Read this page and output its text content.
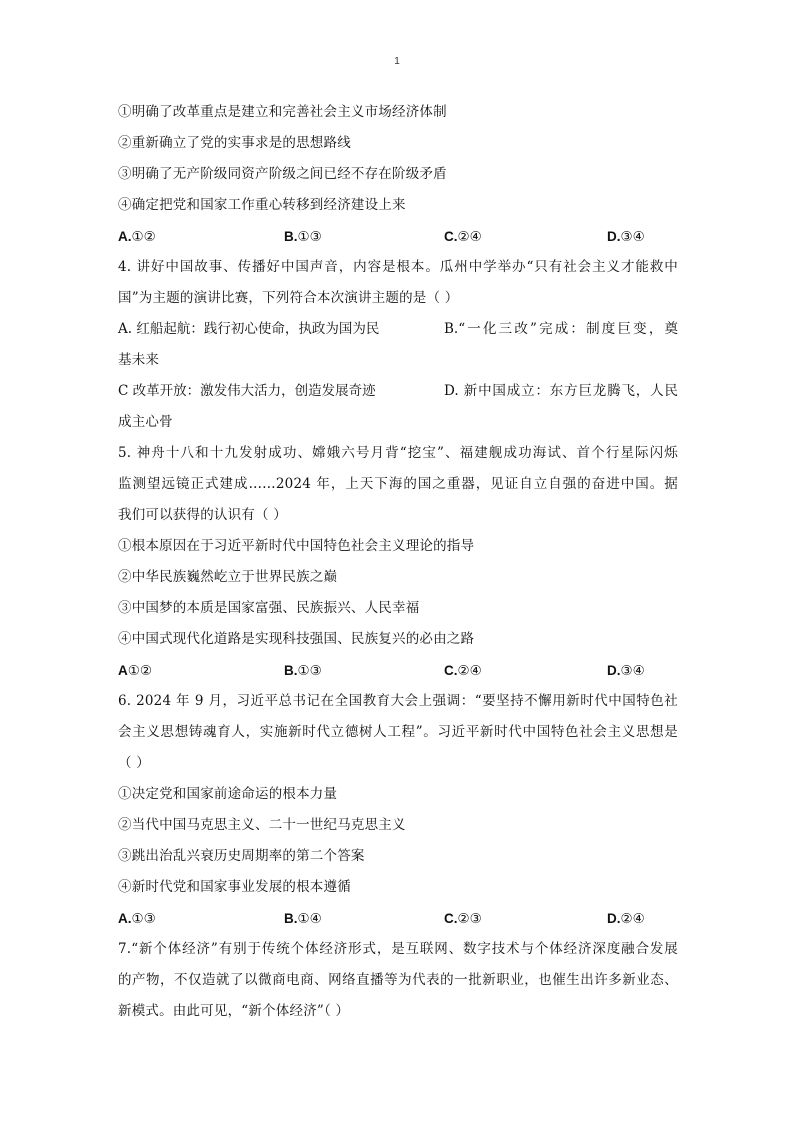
1
①明确了改革重点是建立和完善社会主义市场经济体制
②重新确立了党的实事求是的思想路线
③明确了无产阶级同资产阶级之间已经不存在阶级矛盾
④确定把党和国家工作重心转移到经济建设上来
A.①②	B.①③	C.②④	D.③④
4. 讲好中国故事、传播好中国声音，内容是根本。瓜州中学举办“只有社会主义才能救中
国”为主题的演讲比赛，下列符合本次演讲主题的是（ ）
A. 红船起航：践行初心使命，执政为国为民	B.“一化三改”完成：制度巨变，奠
基未来
C 改革开放：激发伟大活力，创造发展奇迹	D. 新中国成立：东方巨龙腾飞，人民
成主心骨
5. 神舟十八和十九发射成功、嫦娥六号月背“挖宝”、福建舰成功海试、首个行星际闪烁
监测望远镜正式建成……2024 年，上天下海的国之重器，见证自立自强的奋进中国。据
我们可以获得的认识有（ ）
①根本原因在于习近平新时代中国特色社会主义理论的指导
②中华民族巍然屹立于世界民族之巅
③中国梦的本质是国家富强、民族振兴、人民幸福
④中国式现代化道路是实现科技强国、民族复兴的必由之路
A①②	B.①③	C.②④	D.③④
6. 2024 年 9 月，习近平总书记在全国教育大会上强调：“要坚持不懈用新时代中国特色社
会主义思想铸魂育人，实施新时代立德树人工程”。习近平新时代中国特色社会主义思想是
（ ）
①决定党和国家前途命运的根本力量
②当代中国马克思主义、二十一世纪马克思主义
③跳出治乱兴衰历史周期率的第二个答案
④新时代党和国家事业发展的根本遵循
A.①③	B.①④	C.②③	D.②④
7.“新个体经济”有别于传统个体经济形式，是互联网、数字技术与个体经济深度融合发展
的产物，不仅造就了以微商电商、网络直播等为代表的一批新职业，也催生出许多新业态、
新模式。由此可见，“新个体经济”（ ）
